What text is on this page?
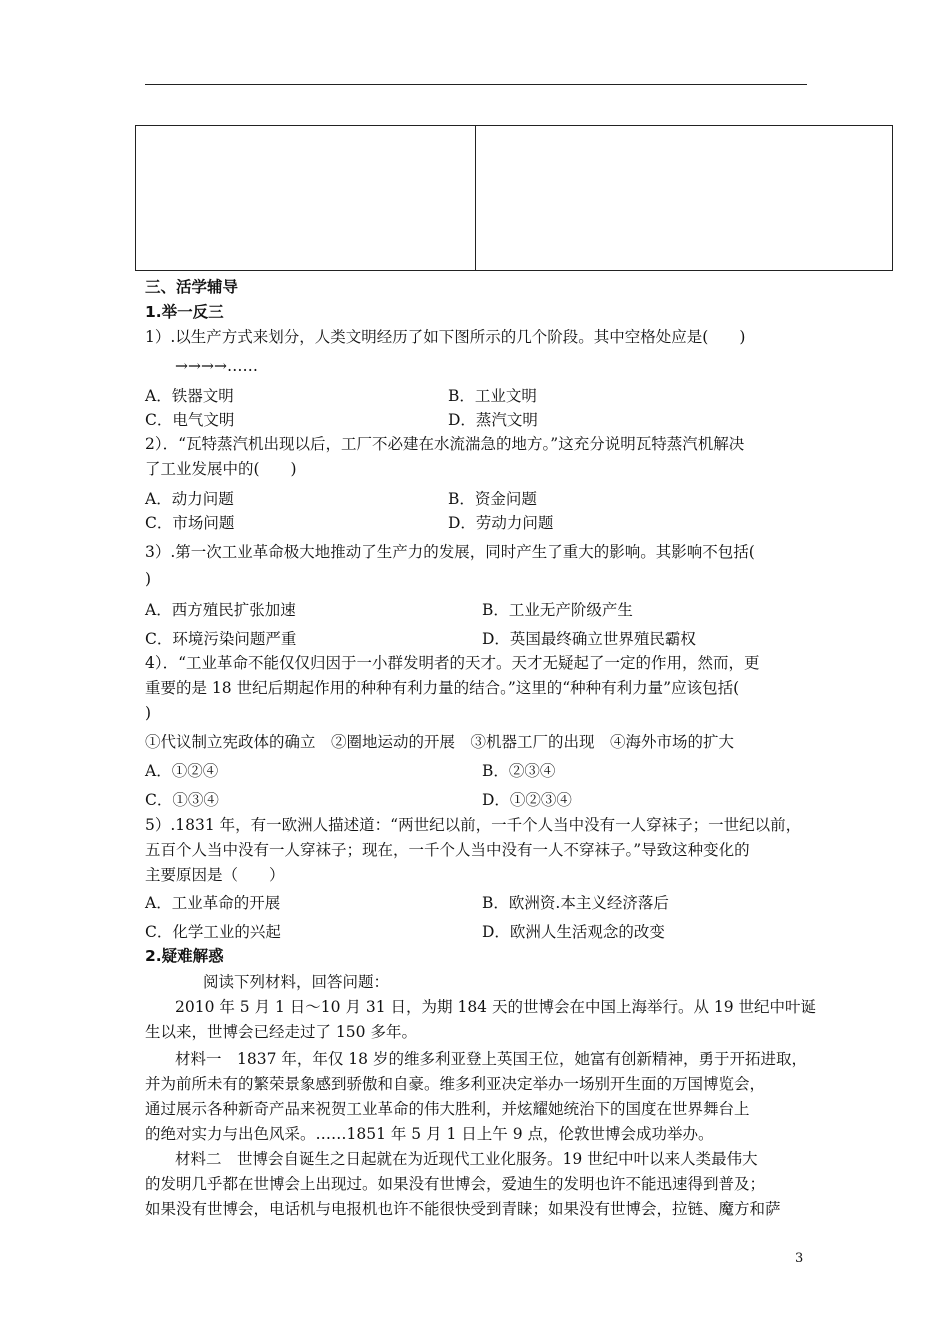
三、活学辅导
1.举一反三
1）.以生产方式来划分，人类文明经历了如下图所示的几个阶段。其中空格处应是(　　)
→→→→……
A．铁器文明	B．工业文明
C．电气文明	D．蒸汽文明
2）．“瓦特蒸汽机出现以后，工厂不必建在水流湍急的地方。”这充分说明瓦特蒸汽机解决
了工业发展中的(　　)
A．动力问题	B．资金问题
C．市场问题	D．劳动力问题
3）.第一次工业革命极大地推动了生产力的发展，同时产生了重大的影响。其影响不包括(
)
A．西方殖民扩张加速	B．工业无产阶级产生
C．环境污染问题严重	D．英国最终确立世界殖民霸权
4）．“工业革命不能仅仅归因于一小群发明者的天才。天才无疑起了一定的作用，然而，更
重要的是 18 世纪后期起作用的种种有利力量的结合。”这里的“种种有利力量”应该包括(
)
①代议制立宪政体的确立　②圈地运动的开展　③机器工厂的出现　④海外市场的扩大
A．①②④	B．②③④
C．①③④	D．①②③④
5）.1831 年，有一欧洲人描述道：“两世纪以前，一千个人当中没有一人穿袜子；一世纪以前，
五百个人当中没有一人穿袜子；现在，一千个人当中没有一人不穿袜子。”导致这种变化的
主要原因是（　　）
A．工业革命的开展	B．欧洲资.本主义经济落后
C．化学工业的兴起	D．欧洲人生活观念的改变
2.疑难解惑
阅读下列材料，回答问题：
2010 年 5 月 1 日～10 月 31 日，为期 184 天的世博会在中国上海举行。从 19 世纪中叶诞
生以来，世博会已经走过了 150 多年。
材料一　1837 年，年仅 18 岁的维多利亚登上英国王位，她富有创新精神，勇于开拓进取，
并为前所未有的繁荣景象感到骄傲和自豪。维多利亚决定举办一场别开生面的万国博览会，
通过展示各种新奇产品来祝贺工业革命的伟大胜利，并炫耀她统治下的国度在世界舞台上
的绝对实力与出色风采。……1851 年 5 月 1 日上午 9 点，伦敦世博会成功举办。
材料二　世博会自诞生之日起就在为近现代工业化服务。19 世纪中叶以来人类最伟大
的发明几乎都在世博会上出现过。如果没有世博会，爱迪生的发明也许不能迅速得到普及；
如果没有世博会，电话机与电报机也许不能很快受到青睐；如果没有世博会，拉链、魔方和萨
3
